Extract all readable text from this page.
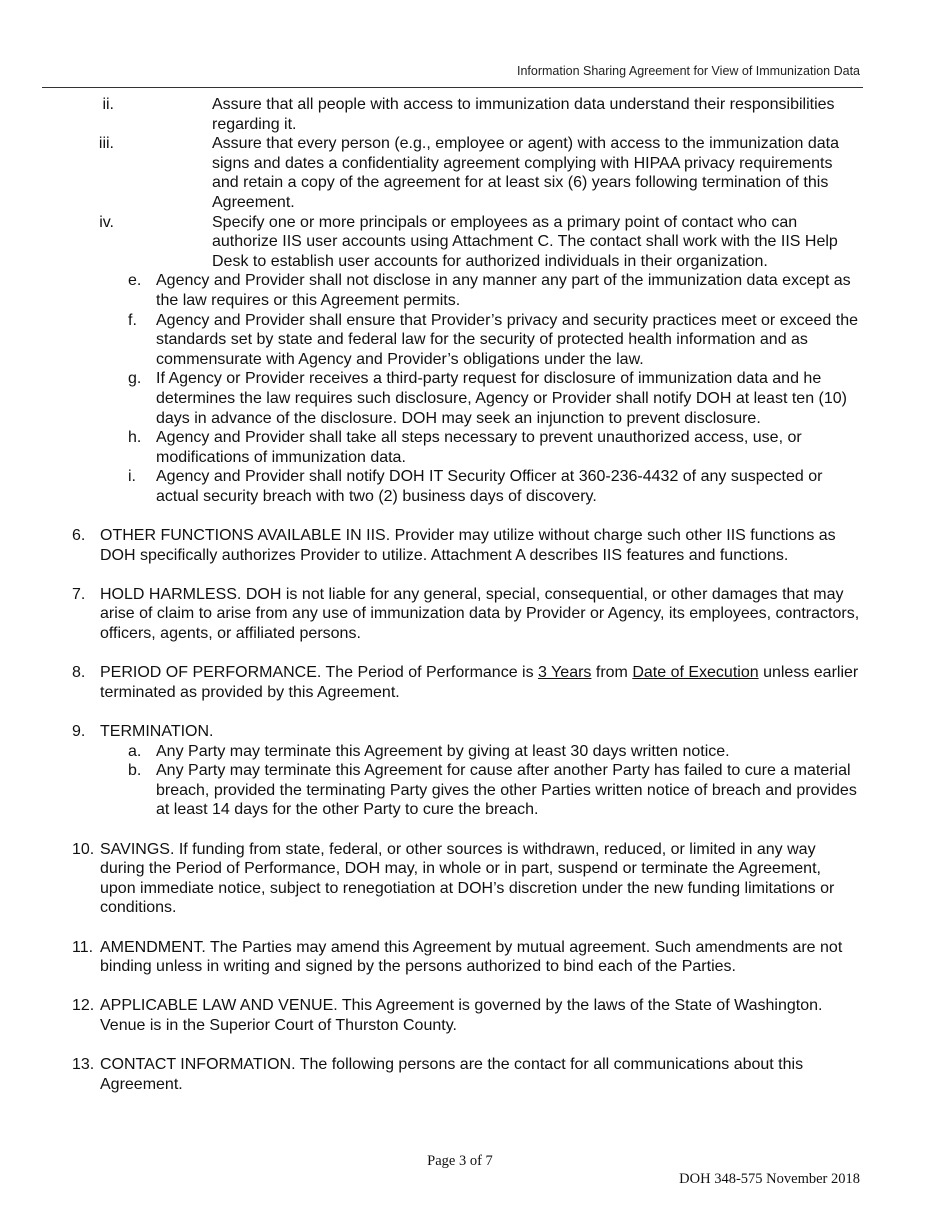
Information Sharing Agreement for View of Immunization Data
ii.	Assure that all people with access to immunization data understand their responsibilities regarding it.
iii.	Assure that every person (e.g., employee or agent) with access to the immunization data signs and dates a confidentiality agreement complying with HIPAA privacy requirements and retain a copy of the agreement for at least six (6) years following termination of this Agreement.
iv.	Specify one or more principals or employees as a primary point of contact who can authorize IIS user accounts using Attachment C. The contact shall work with the IIS Help Desk to establish user accounts for authorized individuals in their organization.
e. Agency and Provider shall not disclose in any manner any part of the immunization data except as the law requires or this Agreement permits.
f. Agency and Provider shall ensure that Provider’s privacy and security practices meet or exceed the standards set by state and federal law for the security of protected health information and as commensurate with Agency and Provider’s obligations under the law.
g. If Agency or Provider receives a third-party request for disclosure of immunization data and he determines the law requires such disclosure, Agency or Provider shall notify DOH at least ten (10) days in advance of the disclosure. DOH may seek an injunction to prevent disclosure.
h. Agency and Provider shall take all steps necessary to prevent unauthorized access, use, or modifications of immunization data.
i. Agency and Provider shall notify DOH IT Security Officer at 360-236-4432 of any suspected or actual security breach with two (2) business days of discovery.
6. OTHER FUNCTIONS AVAILABLE IN IIS. Provider may utilize without charge such other IIS functions as DOH specifically authorizes Provider to utilize. Attachment A describes IIS features and functions.
7. HOLD HARMLESS. DOH is not liable for any general, special, consequential, or other damages that may arise of claim to arise from any use of immunization data by Provider or Agency, its employees, contractors, officers, agents, or affiliated persons.
8. PERIOD OF PERFORMANCE. The Period of Performance is 3 Years from Date of Execution unless earlier terminated as provided by this Agreement.
9. TERMINATION.
a. Any Party may terminate this Agreement by giving at least 30 days written notice.
b. Any Party may terminate this Agreement for cause after another Party has failed to cure a material breach, provided the terminating Party gives the other Parties written notice of breach and provides at least 14 days for the other Party to cure the breach.
10. SAVINGS. If funding from state, federal, or other sources is withdrawn, reduced, or limited in any way during the Period of Performance, DOH may, in whole or in part, suspend or terminate the Agreement, upon immediate notice, subject to renegotiation at DOH’s discretion under the new funding limitations or conditions.
11. AMENDMENT. The Parties may amend this Agreement by mutual agreement. Such amendments are not binding unless in writing and signed by the persons authorized to bind each of the Parties.
12. APPLICABLE LAW AND VENUE. This Agreement is governed by the laws of the State of Washington. Venue is in the Superior Court of Thurston County.
13. CONTACT INFORMATION. The following persons are the contact for all communications about this Agreement.
Page 3 of 7
DOH 348-575 November 2018
